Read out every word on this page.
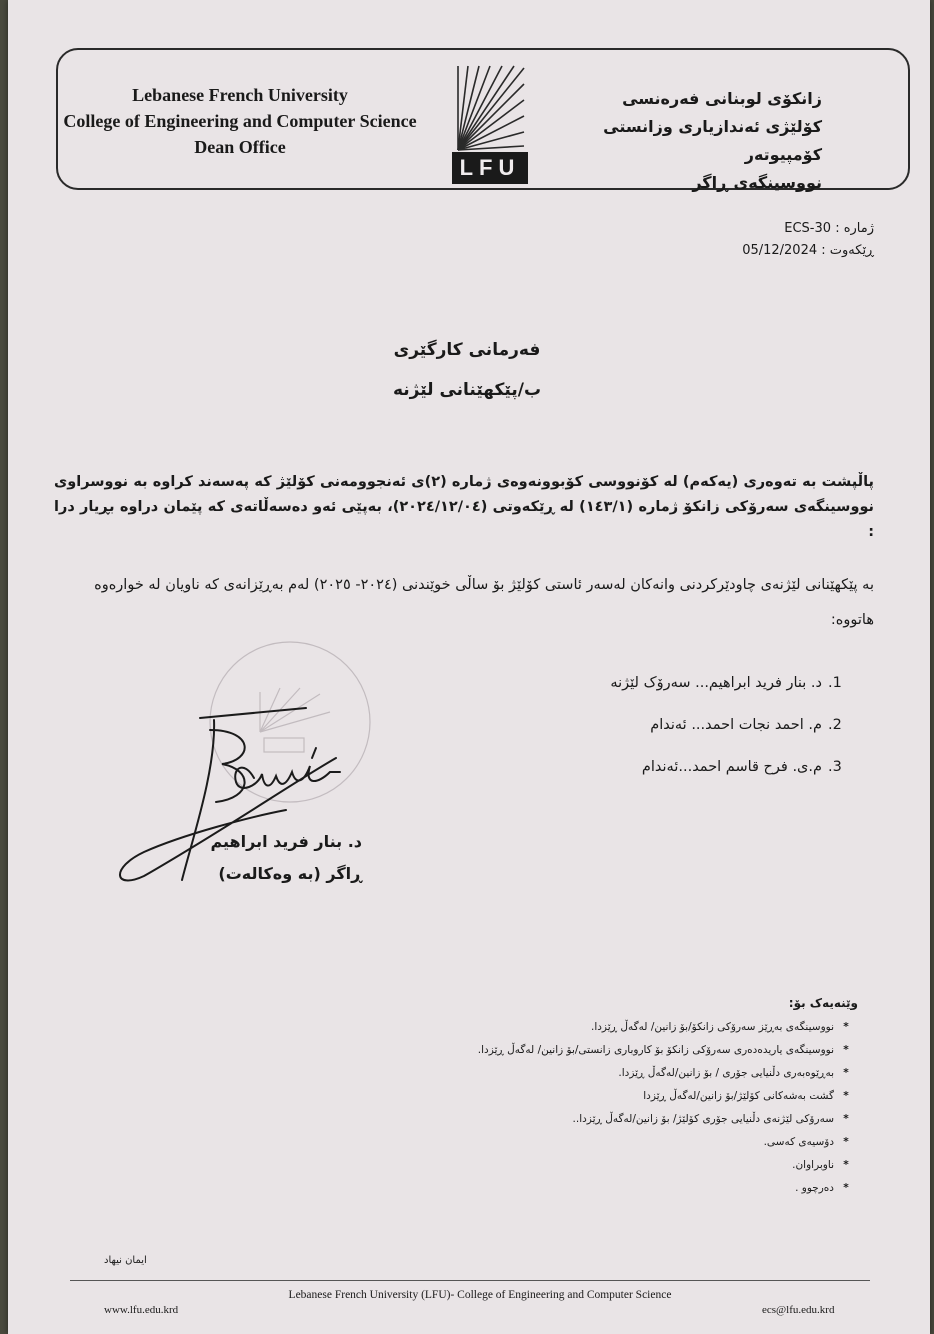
Lebanese French University
College of Engineering and Computer Science
Dean Office
LFU
زانکۆی لوبنانی فەرەنسی
کۆلێژی ئەندازیاری وزانستی کۆمپیوتەر
نووسینگەی ڕاگر
ژمارە : ECS-30
ڕێکەوت : 05/12/2024
فەرمانی کارگێری
ب/پێکهێنانی لێژنە
پاڵپشت بە تەوەری (یەکەم) لە کۆنووسی کۆبوونەوەی ژمارە (٢)ی ئەنجوومەنی کۆلێژ کە پەسەند کراوە بە نووسراوی نووسینگەی سەرۆکی زانکۆ ژمارە (١٤٣/١) لە ڕێکەوتی (٢٠٢٤/١٢/٠٤)، بەپێی ئەو دەسەڵاتەی کە پێمان دراوە بڕیار درا :
بە پێکهێنانی لێژنەی چاودێرکردنی وانەکان لەسەر ئاستی کۆلێژ بۆ ساڵی خوێندنی (٢٠٢٤- ٢٠٢٥) لەم بەڕێزانەی کە ناویان لە خوارەوە هاتووە:
1.د. بنار فريد ابراهيم... سەرۆک لێژنە
2.م. احمد نجات احمد... ئەندام
3.م.ی. فرح قاسم احمد...ئەندام
د. بنار فريد ابراهيم
ڕاگر (بە وەکالەت)
وێنەیەک بۆ:
*نووسینگەی بەڕێز سەرۆکی زانکۆ/بۆ زانین/ لەگەڵ ڕێزدا.
*نووسینگەی یاریدەدەری سەرۆکی زانکۆ بۆ کاروباری زانستی/بۆ زانین/ لەگەڵ ڕێزدا.
*بەڕێوەبەری دڵنیایی جۆری / بۆ زانین/لەگەڵ ڕێزدا.
*گشت بەشەکانی کۆلێژ/بۆ زانین/لەگەڵ ڕێزدا
*سەرۆکی لێژنەی دڵنیایی جۆری کۆلێژ/ بۆ زانین/لەگەڵ ڕێزدا..
*دۆسیەی کەسی.
*ناوبراوان.
*دەرچوو .
ايمان نيهاد
Lebanese French University (LFU)- College of Engineering and Computer Science
www.lfu.edu.krd	ecs@lfu.edu.krd
